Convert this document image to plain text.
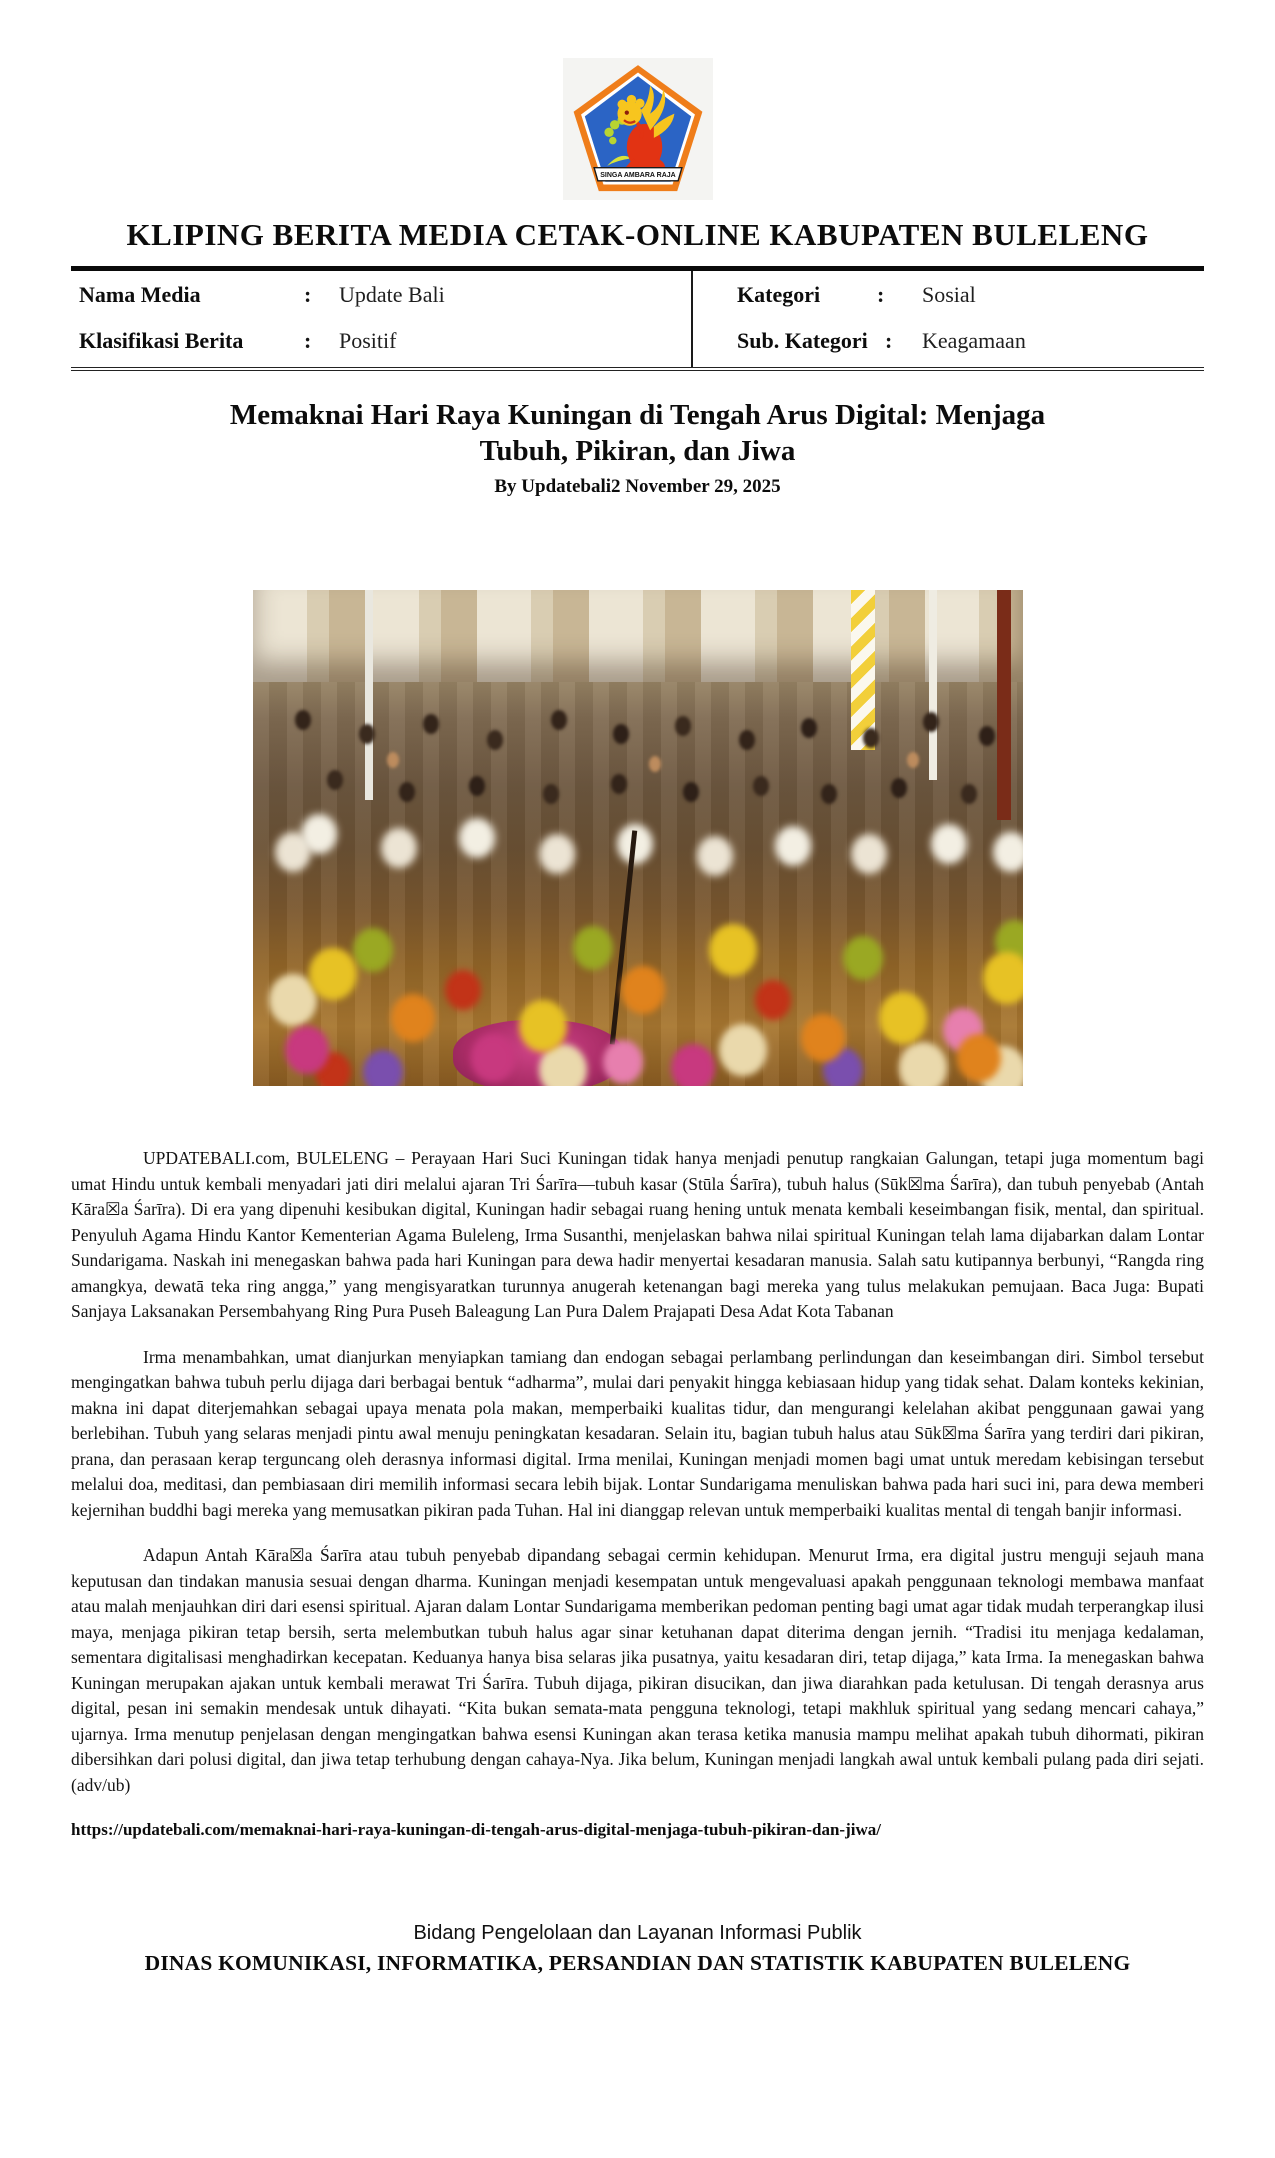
SINGA AMBARA RAJA
KLIPING BERITA MEDIA CETAK-ONLINE KABUPATEN BULELENG
Nama Media	: Update Bali	Kategori	: Sosial
Klasifikasi Berita	: Positif	Sub. Kategori : Keagamaan
Memaknai Hari Raya Kuningan di Tengah Arus Digital: Menjaga
Tubuh, Pikiran, dan Jiwa
By Updatebali2 November 29, 2025

UPDATEBALI.com, BULELENG – Perayaan Hari Suci Kuningan tidak hanya menjadi penutup rangkaian Galungan, tetapi juga momentum bagi umat Hindu untuk kembali menyadari jati diri melalui ajaran Tri Śarīra—tubuh kasar (Stūla Śarīra), tubuh halus (Sūk☒ma Śarīra), dan tubuh penyebab (Antah Kāra☒a Śarīra). Di era yang dipenuhi kesibukan digital, Kuningan hadir sebagai ruang hening untuk menata kembali keseimbangan fisik, mental, dan spiritual. Penyuluh Agama Hindu Kantor Kementerian Agama Buleleng, Irma Susanthi, menjelaskan bahwa nilai spiritual Kuningan telah lama dijabarkan dalam Lontar Sundarigama. Naskah ini menegaskan bahwa pada hari Kuningan para dewa hadir menyertai kesadaran manusia. Salah satu kutipannya berbunyi, “Rangda ring amangkya, dewatā teka ring angga,” yang mengisyaratkan turunnya anugerah ketenangan bagi mereka yang tulus melakukan pemujaan. Baca Juga: Bupati Sanjaya Laksanakan Persembahyang Ring Pura Puseh Baleagung Lan Pura Dalem Prajapati Desa Adat Kota Tabanan

Irma menambahkan, umat dianjurkan menyiapkan tamiang dan endogan sebagai perlambang perlindungan dan keseimbangan diri. Simbol tersebut mengingatkan bahwa tubuh perlu dijaga dari berbagai bentuk “adharma”, mulai dari penyakit hingga kebiasaan hidup yang tidak sehat. Dalam konteks kekinian, makna ini dapat diterjemahkan sebagai upaya menata pola makan, memperbaiki kualitas tidur, dan mengurangi kelelahan akibat penggunaan gawai yang berlebihan. Tubuh yang selaras menjadi pintu awal menuju peningkatan kesadaran. Selain itu, bagian tubuh halus atau Sūk☒ma Śarīra yang terdiri dari pikiran, prana, dan perasaan kerap terguncang oleh derasnya informasi digital. Irma menilai, Kuningan menjadi momen bagi umat untuk meredam kebisingan tersebut melalui doa, meditasi, dan pembiasaan diri memilih informasi secara lebih bijak. Lontar Sundarigama menuliskan bahwa pada hari suci ini, para dewa memberi kejernihan buddhi bagi mereka yang memusatkan pikiran pada Tuhan. Hal ini dianggap relevan untuk memperbaiki kualitas mental di tengah banjir informasi.

Adapun Antah Kāra☒a Śarīra atau tubuh penyebab dipandang sebagai cermin kehidupan. Menurut Irma, era digital justru menguji sejauh mana keputusan dan tindakan manusia sesuai dengan dharma. Kuningan menjadi kesempatan untuk mengevaluasi apakah penggunaan teknologi membawa manfaat atau malah menjauhkan diri dari esensi spiritual. Ajaran dalam Lontar Sundarigama memberikan pedoman penting bagi umat agar tidak mudah terperangkap ilusi maya, menjaga pikiran tetap bersih, serta melembutkan tubuh halus agar sinar ketuhanan dapat diterima dengan jernih. “Tradisi itu menjaga kedalaman, sementara digitalisasi menghadirkan kecepatan. Keduanya hanya bisa selaras jika pusatnya, yaitu kesadaran diri, tetap dijaga,” kata Irma. Ia menegaskan bahwa Kuningan merupakan ajakan untuk kembali merawat Tri Śarīra. Tubuh dijaga, pikiran disucikan, dan jiwa diarahkan pada ketulusan. Di tengah derasnya arus digital, pesan ini semakin mendesak untuk dihayati. “Kita bukan semata-mata pengguna teknologi, tetapi makhluk spiritual yang sedang mencari cahaya,” ujarnya. Irma menutup penjelasan dengan mengingatkan bahwa esensi Kuningan akan terasa ketika manusia mampu melihat apakah tubuh dihormati, pikiran dibersihkan dari polusi digital, dan jiwa tetap terhubung dengan cahaya-Nya. Jika belum, Kuningan menjadi langkah awal untuk kembali pulang pada diri sejati.(adv/ub)

https://updatebali.com/memaknai-hari-raya-kuningan-di-tengah-arus-digital-menjaga-tubuh-pikiran-dan-jiwa/
Bidang Pengelolaan dan Layanan Informasi Publik
DINAS KOMUNIKASI, INFORMATIKA, PERSANDIAN DAN STATISTIK KABUPATEN BULELENG
